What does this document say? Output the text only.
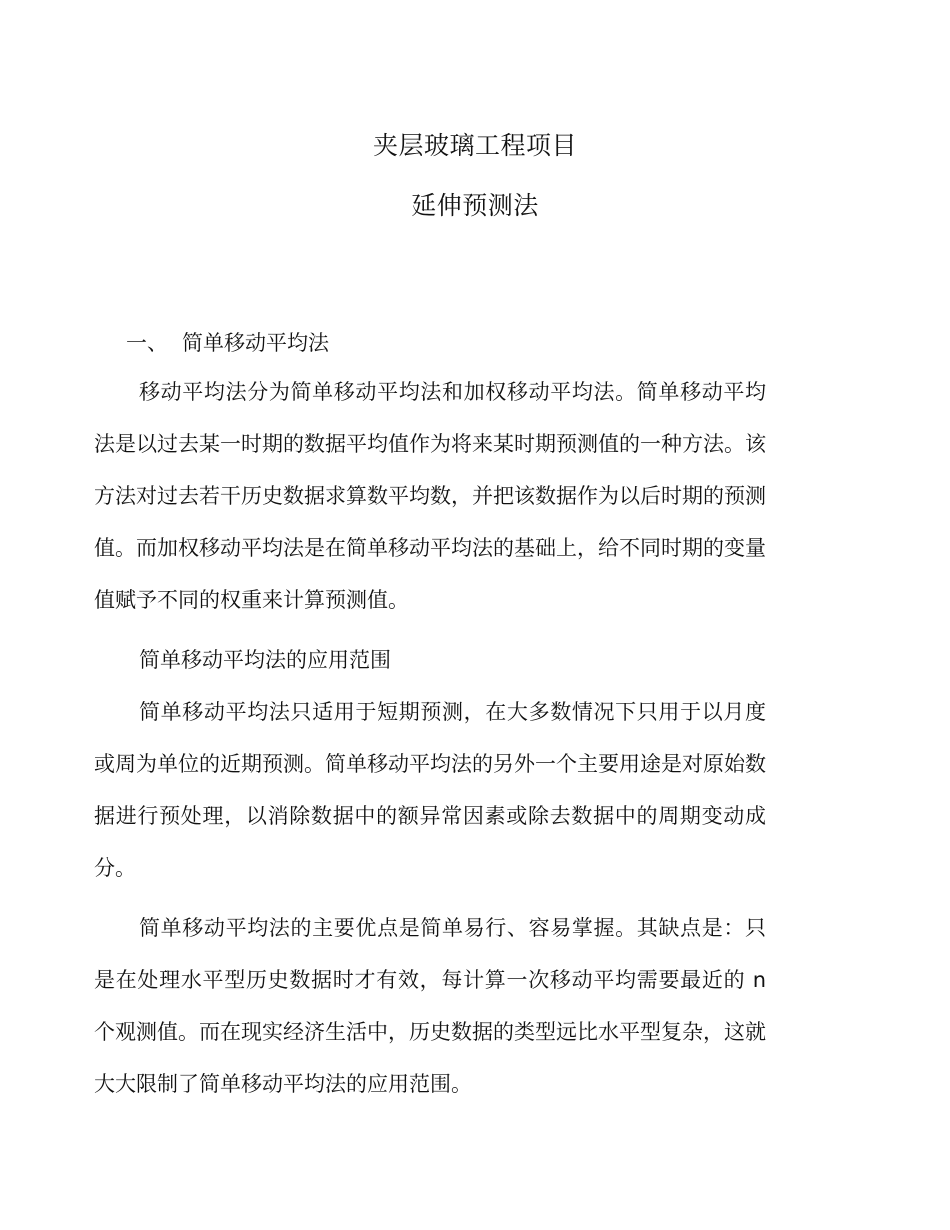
夹层玻璃工程项目
延伸预测法
一、 简单移动平均法

移动平均法分为简单移动平均法和加权移动平均法。简单移动平均法是以过去某一时期的数据平均值作为将来某时期预测值的一种方法。该方法对过去若干历史数据求算数平均数，并把该数据作为以后时期的预测值。而加权移动平均法是在简单移动平均法的基础上，给不同时期的变量值赋予不同的权重来计算预测值。

简单移动平均法的应用范围

简单移动平均法只适用于短期预测，在大多数情况下只用于以月度或周为单位的近期预测。简单移动平均法的另外一个主要用途是对原始数据进行预处理，以消除数据中的额异常因素或除去数据中的周期变动成分。

简单移动平均法的主要优点是简单易行、容易掌握。其缺点是：只是在处理水平型历史数据时才有效，每计算一次移动平均需要最近的 n 个观测值。而在现实经济生活中，历史数据的类型远比水平型复杂，这就大大限制了简单移动平均法的应用范围。
